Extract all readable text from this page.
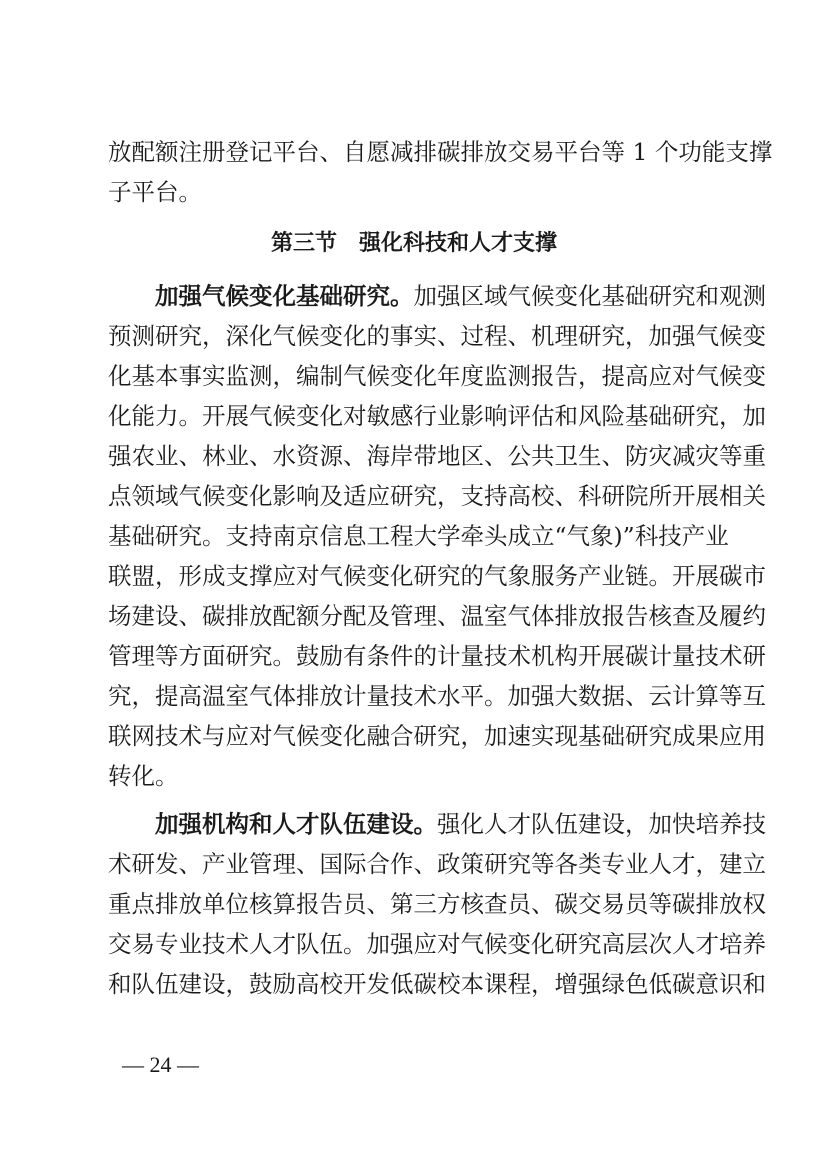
放配额注册登记平台、自愿减排碳排放交易平台等 1 个功能支撑
子平台。
第三节　强化科技和人才支撑
加强气候变化基础研究。加强区域气候变化基础研究和观测
预测研究，深化气候变化的事实、过程、机理研究，加强气候变
化基本事实监测，编制气候变化年度监测报告，提高应对气候变
化能力。开展气候变化对敏感行业影响评估和风险基础研究，加
强农业、林业、水资源、海岸带地区、公共卫生、防灾减灾等重
点领域气候变化影响及适应研究，支持高校、科研院所开展相关
基础研究。支持南京信息工程大学牵头成立“气象)”科技产业
联盟，形成支撑应对气候变化研究的气象服务产业链。开展碳市
场建设、碳排放配额分配及管理、温室气体排放报告核查及履约
管理等方面研究。鼓励有条件的计量技术机构开展碳计量技术研
究，提高温室气体排放计量技术水平。加强大数据、云计算等互
联网技术与应对气候变化融合研究，加速实现基础研究成果应用
转化。
加强机构和人才队伍建设。强化人才队伍建设，加快培养技
术研发、产业管理、国际合作、政策研究等各类专业人才，建立
重点排放单位核算报告员、第三方核查员、碳交易员等碳排放权
交易专业技术人才队伍。加强应对气候变化研究高层次人才培养
和队伍建设，鼓励高校开发低碳校本课程，增强绿色低碳意识和
— 24 —
